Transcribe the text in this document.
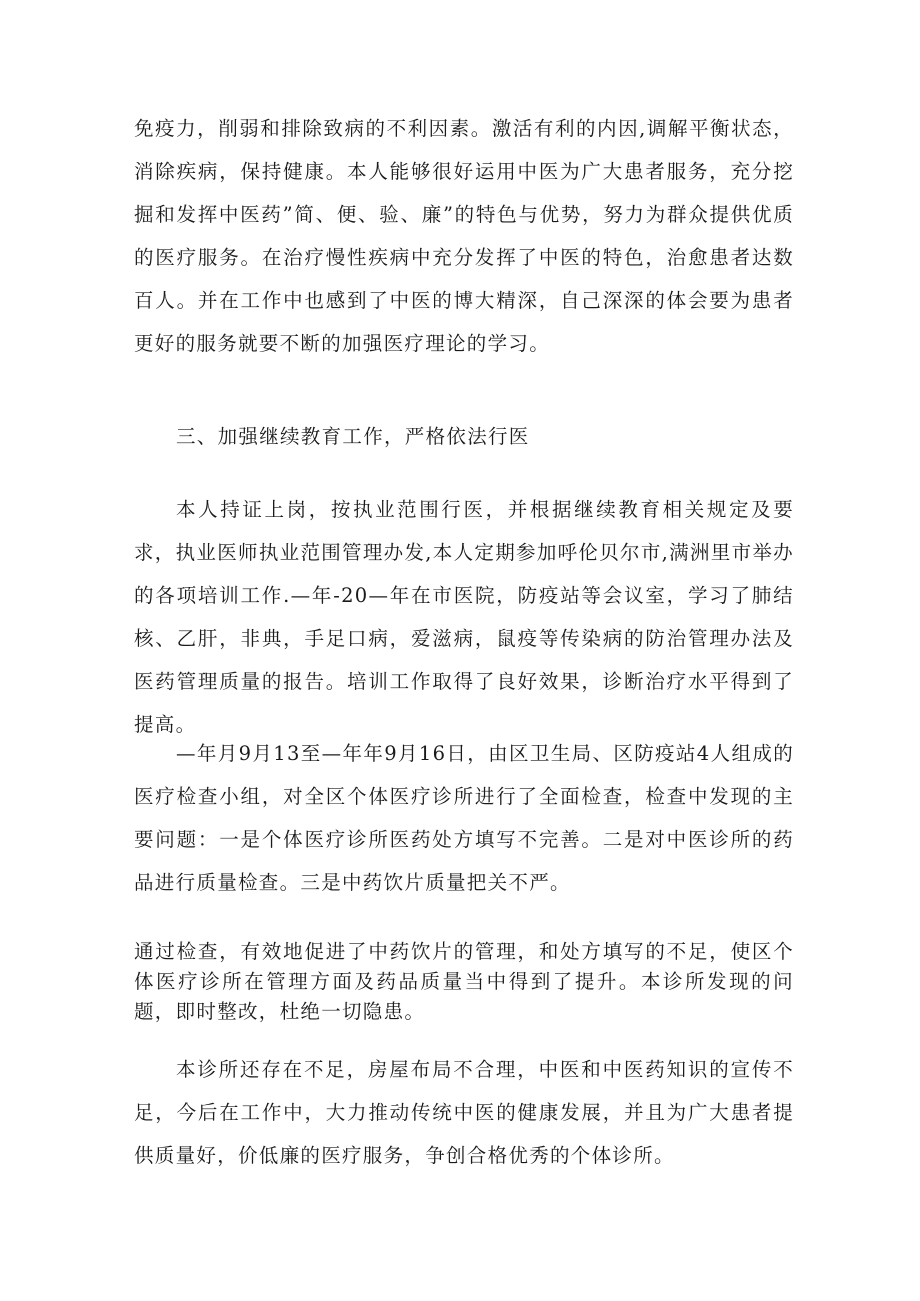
免疫力，削弱和排除致病的不利因素。激活有利的内因,调解平衡状态，消除疾病，保持健康。本人能够很好运用中医为广大患者服务，充分挖掘和发挥中医药”简、便、验、廉”的特色与优势，努力为群众提供优质的医疗服务。在治疗慢性疾病中充分发挥了中医的特色，治愈患者达数百人。并在工作中也感到了中医的博大精深，自己深深的体会要为患者更好的服务就要不断的加强医疗理论的学习。

三、加强继续教育工作，严格依法行医

本人持证上岗，按执业范围行医，并根据继续教育相关规定及要求，执业医师执业范围管理办发,本人定期参加呼伦贝尔市,满洲里市举办的各项培训工作.—年-20—年在市医院，防疫站等会议室，学习了肺结核、乙肝，非典，手足口病，爱滋病，鼠疫等传染病的防治管理办法及医药管理质量的报告。培训工作取得了良好效果，诊断治疗水平得到了提高。

—年月9月13至—年年9月16日，由区卫生局、区防疫站4人组成的医疗检查小组，对全区个体医疗诊所进行了全面检查，检查中发现的主要问题：一是个体医疗诊所医药处方填写不完善。二是对中医诊所的药品进行质量检查。三是中药饮片质量把关不严。

通过检查，有效地促进了中药饮片的管理，和处方填写的不足，使区个体医疗诊所在管理方面及药品质量当中得到了提升。本诊所发现的问题，即时整改，杜绝一切隐患。

本诊所还存在不足，房屋布局不合理，中医和中医药知识的宣传不足，今后在工作中，大力推动传统中医的健康发展，并且为广大患者提供质量好，价低廉的医疗服务，争创合格优秀的个体诊所。
